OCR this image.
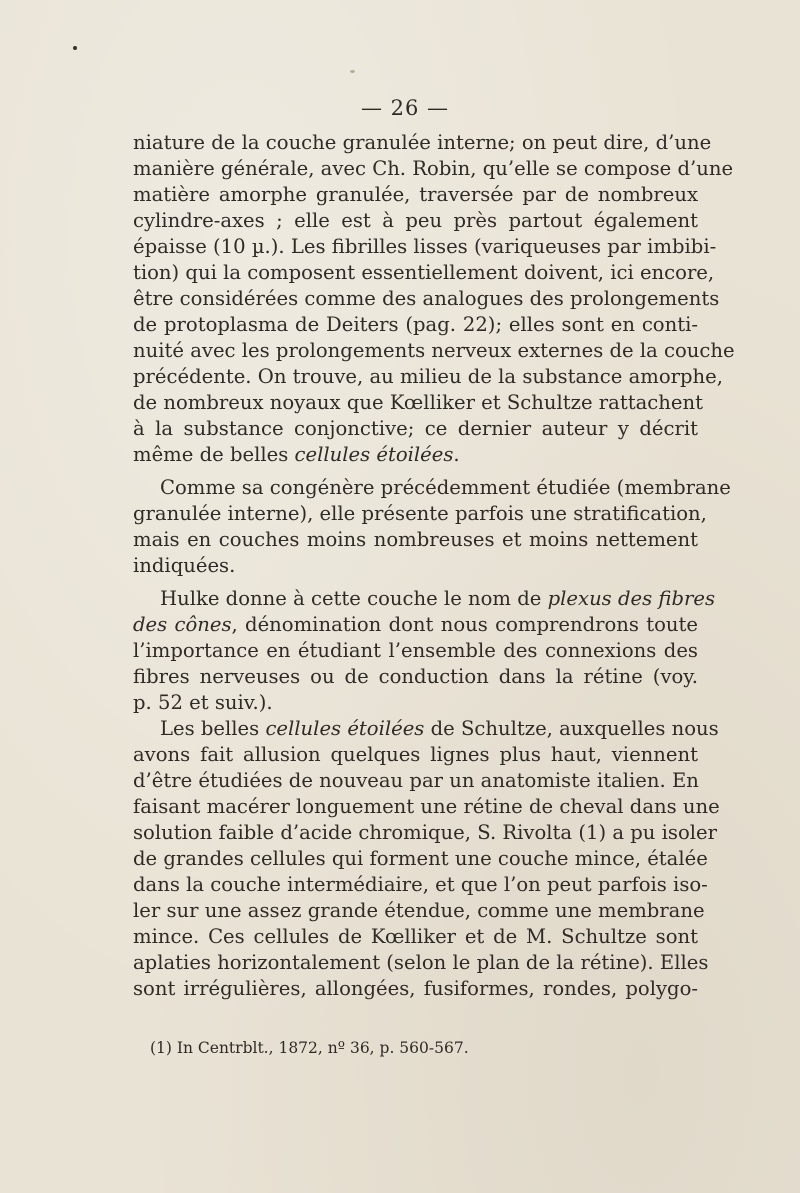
— 26 —
niature de la couche granulée interne; on peut dire, d’une
manière générale, avec Ch. Robin, qu’elle se compose d’une
matière amorphe granulée, traversée par de nombreux
cylindre-axes ; elle est à peu près partout également
épaisse (10 µ.). Les fibrilles lisses (variqueuses par imbibi-
tion) qui la composent essentiellement doivent, ici encore,
être considérées comme des analogues des prolongements
de protoplasma de Deiters (pag. 22); elles sont en conti-
nuité avec les prolongements nerveux externes de la couche
précédente. On trouve, au milieu de la substance amorphe,
de nombreux noyaux que Kœlliker et Schultze rattachent
à la substance conjonctive; ce dernier auteur y décrit
même de belles cellules étoilées.
Comme sa congénère précédemment étudiée (membrane
granulée interne), elle présente parfois une stratification,
mais en couches moins nombreuses et moins nettement
indiquées.
Hulke donne à cette couche le nom de plexus des fibres
des cônes, dénomination dont nous comprendrons toute
l’importance en étudiant l’ensemble des connexions des
fibres nerveuses ou de conduction dans la rétine (voy.
p. 52 et suiv.).
Les belles cellules étoilées de Schultze, auxquelles nous
avons fait allusion quelques lignes plus haut, viennent
d’être étudiées de nouveau par un anatomiste italien. En
faisant macérer longuement une rétine de cheval dans une
solution faible d’acide chromique, S. Rivolta (1) a pu isoler
de grandes cellules qui forment une couche mince, étalée
dans la couche intermédiaire, et que l’on peut parfois iso-
ler sur une assez grande étendue, comme une membrane
mince. Ces cellules de Kœlliker et de M. Schultze sont
aplaties horizontalement (selon le plan de la rétine). Elles
sont irrégulières, allongées, fusiformes, rondes, polygo-
(1) In Centrblt., 1872, nº 36, p. 560-567.
